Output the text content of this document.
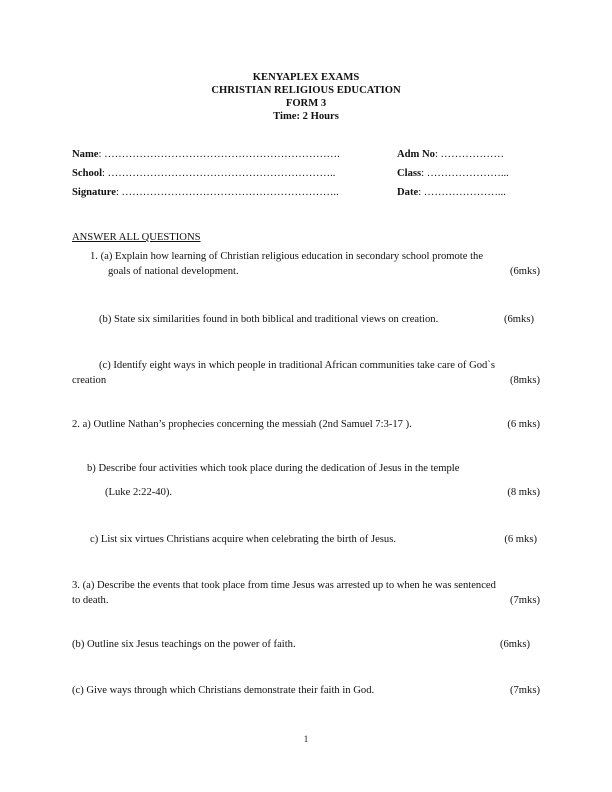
KENYAPLEX EXAMS
CHRISTIAN RELIGIOUS EDUCATION
FORM 3
Time: 2 Hours
Name: ………………………………………………………….	Adm No: ………………
School: ………………………………………………………..	Class: …………………...
Signature: ……………………………………………………..	Date: …………………...
ANSWER ALL QUESTIONS
1. (a) Explain how learning of Christian religious education in secondary school promote the
goals of national development.	(6mks)
(b) State six similarities found in both biblical and traditional views on creation.	(6mks)
(c) Identify eight ways in which people in traditional African communities take care of God`s
creation	(8mks)
2. a) Outline Nathan’s prophecies concerning the messiah (2nd Samuel 7:3-17 ).	(6 mks)
b) Describe four activities which took place during the dedication of Jesus in the temple
(Luke 2:22-40).	(8 mks)
c) List six virtues Christians acquire when celebrating the birth of Jesus.	(6 mks)
3. (a) Describe the events that took place from time Jesus was arrested up to when he was sentenced
to death.	(7mks)
(b) Outline six Jesus teachings on the power of faith.	(6mks)
(c) Give ways through which Christians demonstrate their faith in God.	(7mks)
1
